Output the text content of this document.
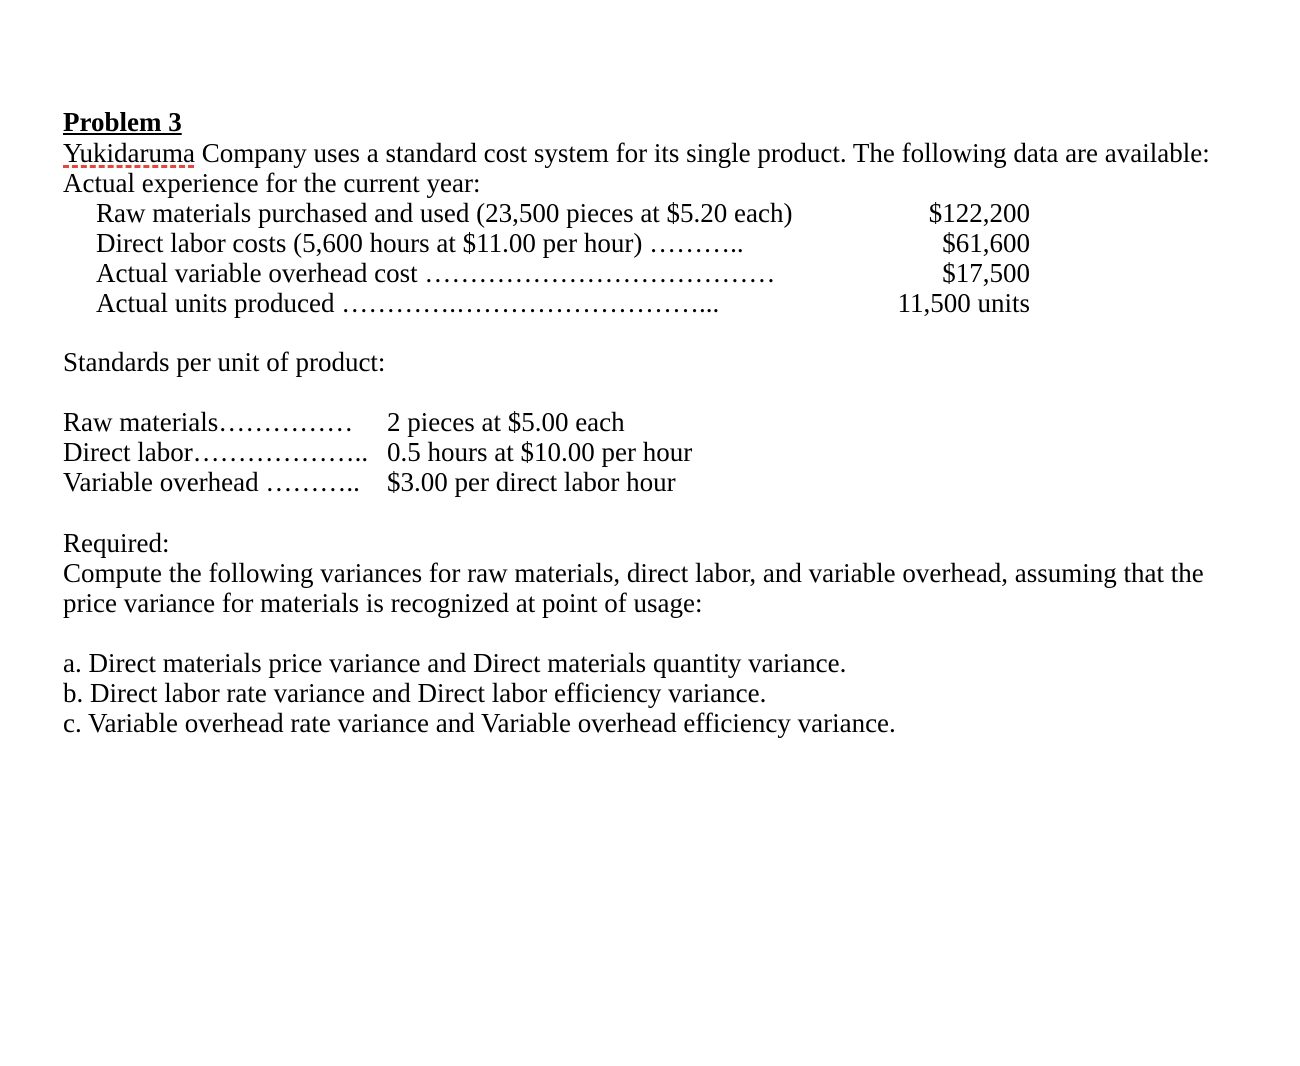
Problem 3
Yukidaruma Company uses a standard cost system for its single product. The following data are available:
Actual experience for the current year:
Raw materials purchased and used (23,500 pieces at $5.20 each)	$122,200
Direct labor costs (5,600 hours at $11.00 per hour) ………..	$61,600
Actual variable overhead cost …………………………………	$17,500
Actual units produced ………….………………………...	11,500 units
Standards per unit of product:
Raw materials…………… 2 pieces at $5.00 each
Direct labor……………….. 0.5 hours at $10.00 per hour
Variable overhead ……….. $3.00 per direct labor hour
Required:
Compute the following variances for raw materials, direct labor, and variable overhead, assuming that the
price variance for materials is recognized at point of usage:
a. Direct materials price variance and Direct materials quantity variance.
b. Direct labor rate variance and Direct labor efficiency variance.
c. Variable overhead rate variance and Variable overhead efficiency variance.
